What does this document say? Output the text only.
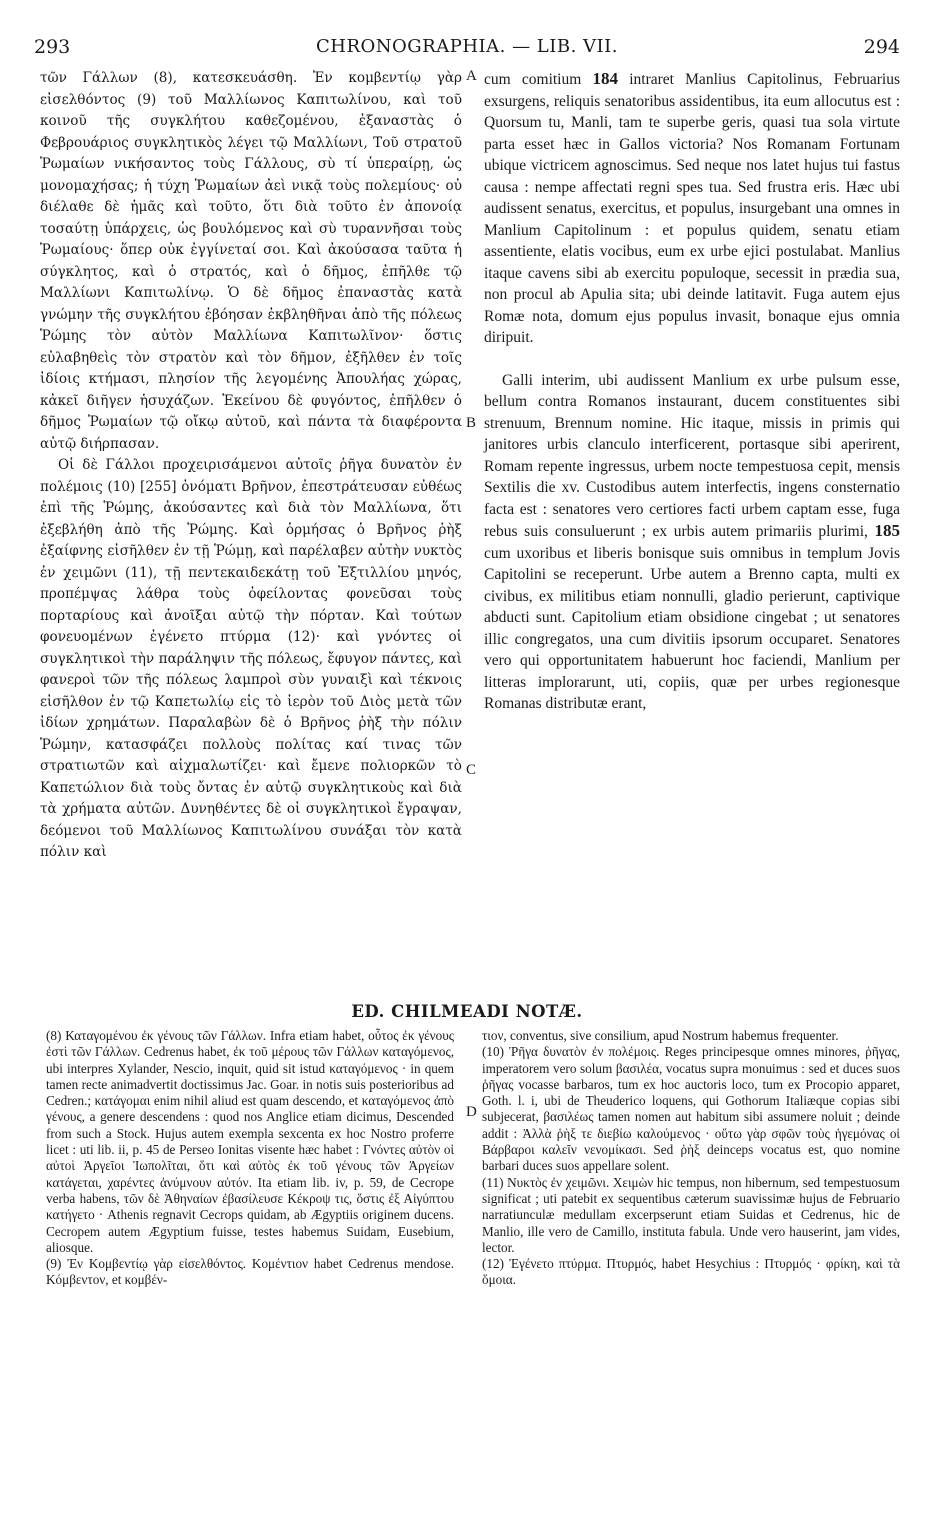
293	CHRONOGRAPHIA. — LIB. VII.	294
A
B
C
D

τῶν Γάλλων (8), κατεσκευάσθη. Ἐν κομβεντίῳ γὰρ εἰσελθόντος (9) τοῦ Μαλλίωνος Καπιτωλίνου, καὶ τοῦ κοινοῦ τῆς συγκλήτου καθεζομένου, ἐξαναστὰς ὁ Φεβρουάριος συγκλητικὸς λέγει τῷ Μαλλίωνι, Τοῦ στρατοῦ Ῥωμαίων νικήσαντος τοὺς Γάλλους, σὺ τί ὑπεραίρῃ, ὡς μονομαχήσας; ἡ τύχη Ῥωμαίων ἀεὶ νικᾷ τοὺς πολεμίους· οὐ διέλαθε δὲ ἡμᾶς καὶ τοῦτο, ὅτι διὰ τοῦτο ἐν ἀπονοίᾳ τοσαύτῃ ὑπάρχεις, ὡς βουλόμενος καὶ σὺ τυραννῆσαι τοὺς Ῥωμαίους· ὅπερ οὐκ ἐγγίνεταί σοι. Καὶ ἀκούσασα ταῦτα ἡ σύγκλητος, καὶ ὁ στρατός, καὶ ὁ δῆμος, ἐπῆλθε τῷ Μαλλίωνι Καπιτωλίνῳ. Ὁ δὲ δῆμος ἐπαναστὰς κατὰ γνώμην τῆς συγκλήτου ἐβόησαν ἐκβληθῆναι ἀπὸ τῆς πόλεως Ῥώμης τὸν αὐτὸν Μαλλίωνα Καπιτωλῖνον· ὅστις εὐλαβηθεὶς τὸν στρατὸν καὶ τὸν δῆμον, ἐξῆλθεν ἐν τοῖς ἰδίοις κτήμασι, πλησίον τῆς λεγομένης Ἀπουλήας χώρας, κἀκεῖ διῆγεν ἡσυχάζων. Ἐκείνου δὲ φυγόντος, ἐπῆλθεν ὁ δῆμος Ῥωμαίων τῷ οἴκῳ αὐτοῦ, καὶ πάντα τὰ διαφέροντα αὐτῷ διήρπασαν.

Οἱ δὲ Γάλλοι προχειρισάμενοι αὐτοῖς ῥῆγα δυνατὸν ἐν πολέμοις (10) [255] ὀνόματι Βρῆνον, ἐπεστράτευσαν εὐθέως ἐπὶ τῆς Ῥώμης, ἀκούσαντες καὶ διὰ τὸν Μαλλίωνα, ὅτι ἐξεβλήθη ἀπὸ τῆς Ῥώμης. Καὶ ὁρμήσας ὁ Βρῆνος ῥὴξ ἐξαίφνης εἰσῆλθεν ἐν τῇ Ῥώμῃ, καὶ παρέλαβεν αὐτὴν νυκτὸς ἐν χειμῶνι (11), τῇ πεντεκαιδεκάτῃ τοῦ Ἐξτιλλίου μηνός, προπέμψας λάθρα τοὺς ὀφείλοντας φονεῦσαι τοὺς πορταρίους καὶ ἀνοῖξαι αὐτῷ τὴν πόρταν. Καὶ τούτων φονευομένων ἐγένετο πτύρμα (12)· καὶ γνόντες οἱ συγκλητικοὶ τὴν παράληψιν τῆς πόλεως, ἔφυγον πάντες, καὶ φανεροὶ τῶν τῆς πόλεως λαμπροὶ σὺν γυναιξὶ καὶ τέκνοις εἰσῆλθον ἐν τῷ Καπετωλίῳ εἰς τὸ ἱερὸν τοῦ Διὸς μετὰ τῶν ἰδίων χρημάτων. Παραλαβὼν δὲ ὁ Βρῆνος ῥὴξ τὴν πόλιν Ῥώμην, κατασφάζει πολλοὺς πολίτας καί τινας τῶν στρατιωτῶν καὶ αἰχμαλωτίζει· καὶ ἔμενε πολιορκῶν τὸ Καπετώλιον διὰ τοὺς ὄντας ἐν αὐτῷ συγκλητικοὺς καὶ διὰ τὰ χρήματα αὐτῶν. Δυνηθέντες δὲ οἱ συγκλητικοὶ ἔγραψαν, δεόμενοι τοῦ Μαλλίωνος Καπιτωλίνου συνάξαι τὸν κατὰ πόλιν καὶ

cum comitium 184 intraret Manlius Capitolinus, Februarius exsurgens, reliquis senatoribus assidentibus, ita eum allocutus est : Quorsum tu, Manli, tam te superbe geris, quasi tua sola virtute parta esset hæc in Gallos victoria? Nos Romanam Fortunam ubique victricem agnoscimus. Sed neque nos latet hujus tui fastus causa : nempe affectati regni spes tua. Sed frustra eris. Hæc ubi audissent senatus, exercitus, et populus, insurgebant una omnes in Manlium Capitolinum : et populus quidem, senatu etiam assentiente, elatis vocibus, eum ex urbe ejici postulabat. Manlius itaque cavens sibi ab exercitu populoque, secessit in prædia sua, non procul ab Apulia sita; ubi deinde latitavit. Fuga autem ejus Romæ nota, domum ejus populus invasit, bonaque ejus omnia diripuit.

Galli interim, ubi audissent Manlium ex urbe pulsum esse, bellum contra Romanos instaurant, ducem constituentes sibi strenuum, Brennum nomine. Hic itaque, missis in primis qui janitores urbis clanculo interficerent, portasque sibi aperirent, Romam repente ingressus, urbem nocte tempestuosa cepit, mensis Sextilis die xv. Custodibus autem interfectis, ingens consternatio facta est : senatores vero certiores facti urbem captam esse, fuga rebus suis consuluerunt ; ex urbis autem primariis plurimi, 185 cum uxoribus et liberis bonisque suis omnibus in templum Jovis Capitolini se receperunt. Urbe autem a Brenno capta, multi ex civibus, ex militibus etiam nonnulli, gladio perierunt, captivique abducti sunt. Capitolium etiam obsidione cingebat ; ut senatores illic congregatos, una cum divitiis ipsorum occuparet. Senatores vero qui opportunitatem habuerunt hoc faciendi, Manlium per litteras implorarunt, uti, copiis, quæ per urbes regionesque Romanas distributæ erant,

ED. CHILMEADI NOTÆ.

(8) Καταγομένου ἐκ γένους τῶν Γάλλων. Infra etiam habet, οὗτος ἐκ γένους ἐστὶ τῶν Γάλλων. Cedrenus habet, ἐκ τοῦ μέρους τῶν Γάλλων καταγόμενος, ubi interpres Xylander, Nescio, inquit, quid sit istud καταγόμενος · in quem tamen recte animadvertit doctissimus Jac. Goar. in notis suis posterioribus ad Cedren.; κατάγομαι enim nihil aliud est quam descendo, et καταγόμενος ἀπὸ γένους, a genere descendens : quod nos Anglice etiam dicimus, Descended from such a Stock. Hujus autem exempla sexcenta ex hoc Nostro proferre licet : uti lib. ii, p. 45 de Perseo Ionitas visente hæc habet : Γνόντες αὐτὸν οἱ αὐτοὶ Ἀργεῖοι Ἰωπολῖται, ὅτι καὶ αὐτὸς ἐκ τοῦ γένους τῶν Ἀργείων κατάγεται, χαρέντες ἀνύμνουν αὐτόν. Ita etiam lib. iv, p. 59, de Cecrope verba habens, τῶν δὲ Ἀθηναίων ἐβασίλευσε Κέκροψ τις, ὅστις ἐξ Αἰγύπτου κατήγετο · Athenis regnavit Cecrops quidam, ab Ægyptiis originem ducens. Cecropem autem Ægyptium fuisse, testes habemus Suidam, Eusebium, aliosque.

(9) Ἐν Κομβεντίῳ γὰρ εἰσελθόντος. Κομέντιον habet Cedrenus mendose. Κόμβεντον, et κομβέν-

τιον, conventus, sive consilium, apud Nostrum habemus frequenter.

(10) Ῥῆγα δυνατὸν ἐν πολέμοις. Reges principesque omnes minores, ῥῆγας, imperatorem vero solum βασιλέα, vocatus supra monuimus : sed et duces suos ῥῆγας vocasse barbaros, tum ex hoc auctoris loco, tum ex Procopio apparet, Goth. l. i, ubi de Theuderico loquens, qui Gothorum Italiæque copias sibi subjecerat, βασιλέως tamen nomen aut habitum sibi assumere noluit ; deinde addit : Ἀλλὰ ῥὴξ τε διεβίω καλούμενος · οὕτω γὰρ σφῶν τοὺς ἡγεμόνας οἱ Βάρβαροι καλεῖν νενομίκασι. Sed ῥὴξ deinceps vocatus est, quo nomine barbari duces suos appellare solent.

(11) Νυκτὸς ἐν χειμῶνι. Χειμὼν hic tempus, non hibernum, sed tempestuosum significat ; uti patebit ex sequentibus cæterum suavissimæ hujus de Februario narratiunculæ medullam excerpserunt etiam Suidas et Cedrenus, hic de Manlio, ille vero de Camillo, instituta fabula. Unde vero hauserint, jam vides, lector.

(12) Ἐγένετο πτύρμα. Πτυρμός, habet Hesychius : Πτυρμός · φρίκη, καὶ τὰ ὅμοια.
